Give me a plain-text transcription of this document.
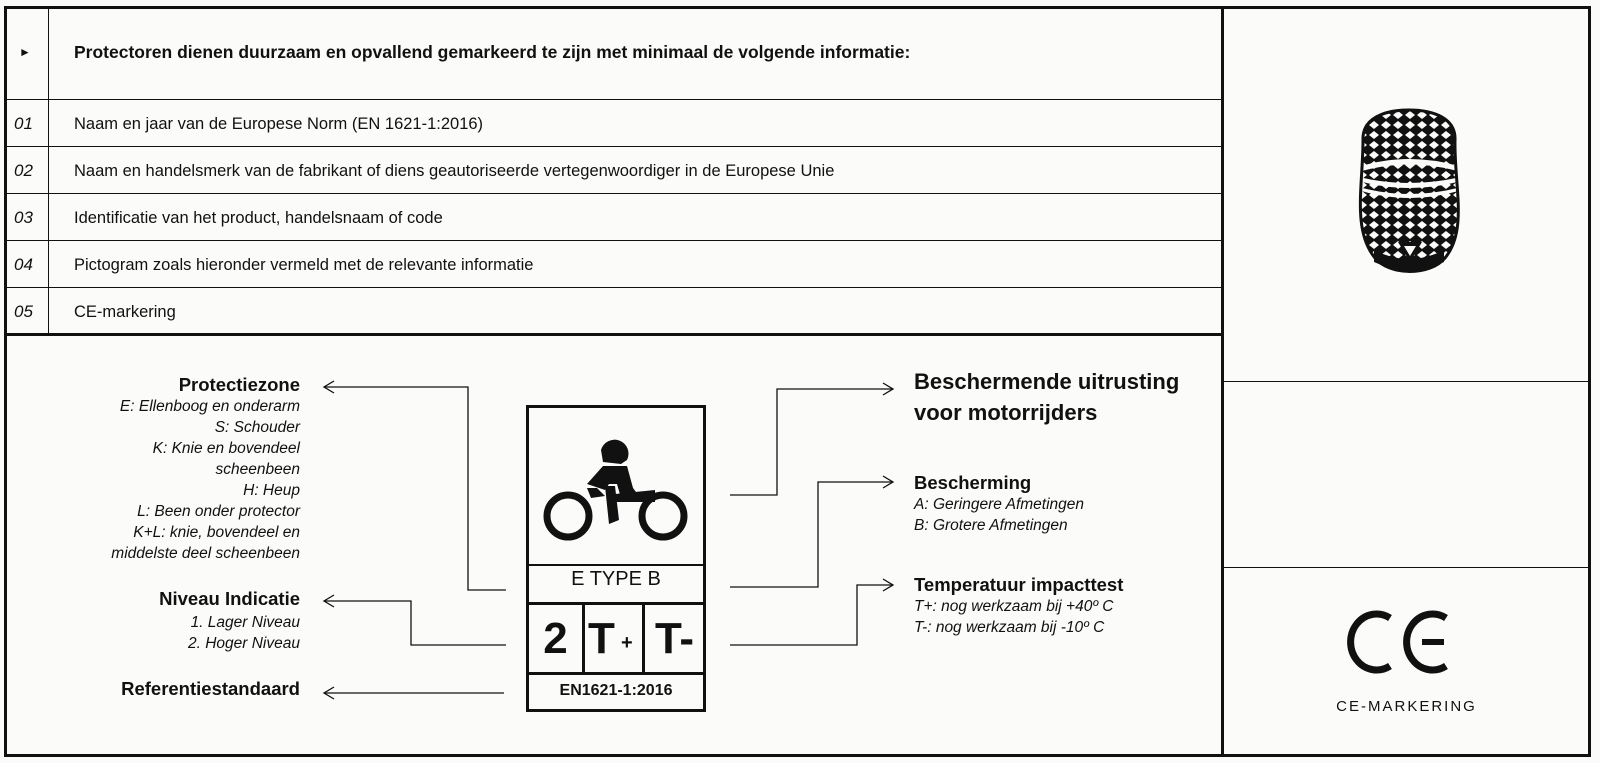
► Protectoren dienen duurzaam en opvallend gemarkeerd te zijn met minimaal de volgende informatie:
01	Naam en jaar van de Europese Norm (EN 1621-1:2016)
02	Naam en handelsmerk van de fabrikant of diens geautoriseerde vertegenwoordiger in de Europese Unie
03	Identificatie van het product, handelsnaam of code
04	Pictogram zoals hieronder vermeld met de relevante informatie
05	CE-markering
Protectiezone
E: Ellenboog en onderarm
S: Schouder
K: Knie en bovendeel
scheenbeen
H: Heup
L: Been onder protector
K+L: knie, bovendeel en
middelste deel scheenbeen
Niveau Indicatie
1. Lager Niveau
2. Hoger Niveau
Referentiestandaard
Beschermende uitrusting
voor motorrijders
Bescherming
A: Geringere Afmetingen
B: Grotere Afmetingen
Temperatuur impacttest
T+: nog werkzaam bij +40º C
T-: nog werkzaam bij -10º C
E TYPE B
2 T + T-
EN1621-1:2016
CE-MARKERING
